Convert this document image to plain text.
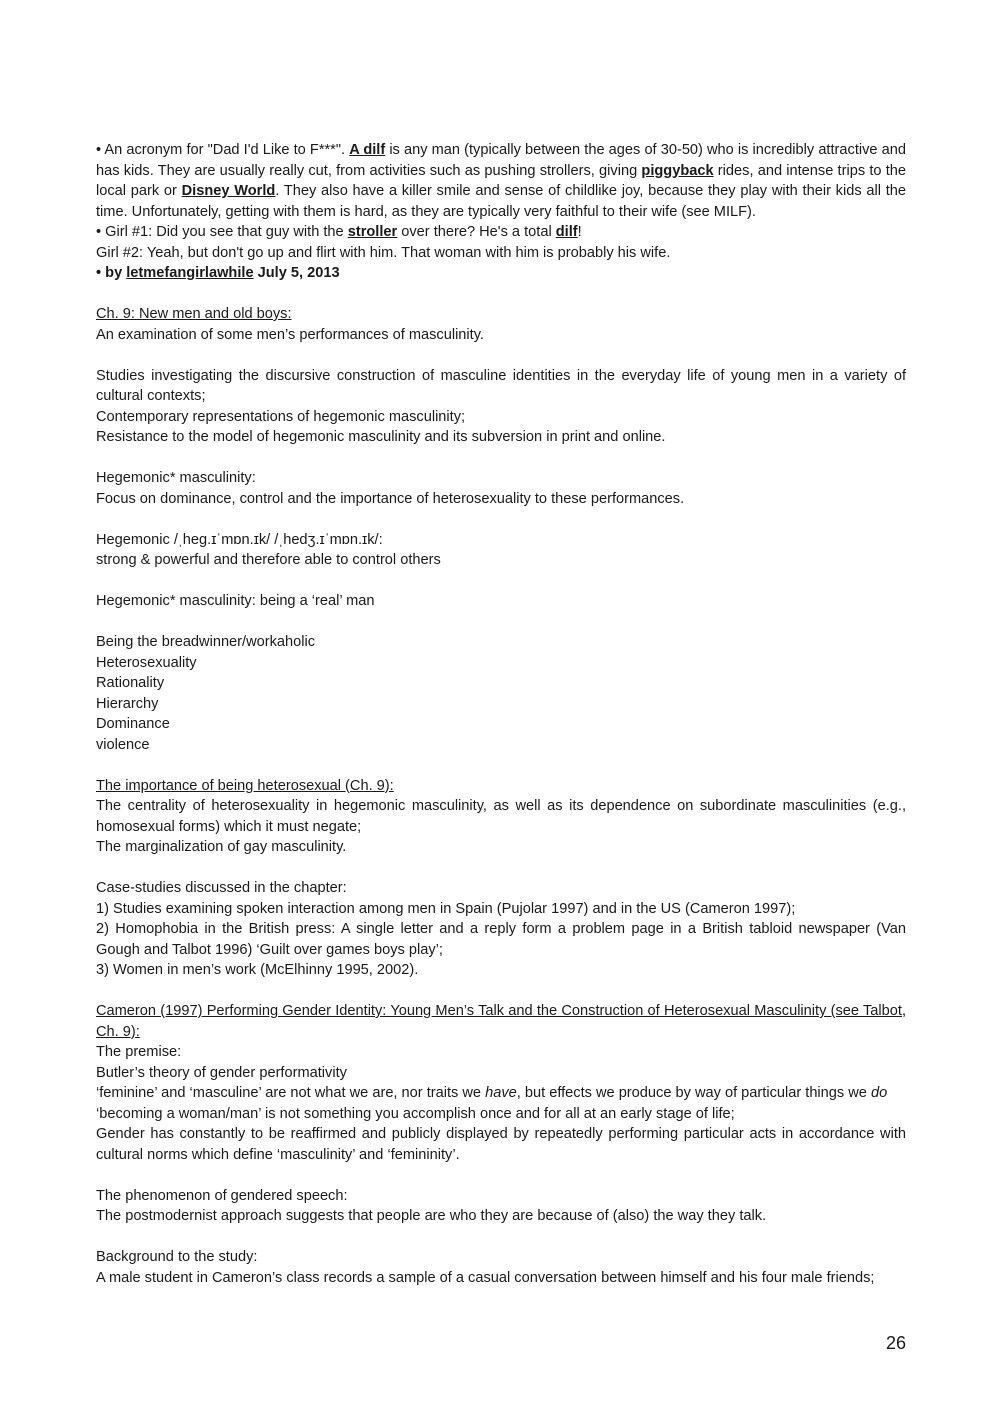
• An acronym for "Dad I'd Like to F***". A dilf is any man (typically between the ages of 30-50) who is incredibly attractive and has kids. They are usually really cut, from activities such as pushing strollers, giving piggyback rides, and intense trips to the local park or Disney World. They also have a killer smile and sense of childlike joy, because they play with their kids all the time. Unfortunately, getting with them is hard, as they are typically very faithful to their wife (see MILF).

• Girl #1: Did you see that guy with the stroller over there? He's a total dilf!

Girl #2: Yeah, but don't go up and flirt with him. That woman with him is probably his wife.

• by letmefangirlawhile July 5, 2013

Ch. 9: New men and old boys:

An examination of some men’s performances of masculinity.

Studies investigating the discursive construction of masculine identities in the everyday life of young men in a variety of cultural contexts;

Contemporary representations of hegemonic masculinity;

Resistance to the model of hegemonic masculinity and its subversion in print and online.

Hegemonic* masculinity:

Focus on dominance, control and the importance of heterosexuality to these performances.

Hegemonic /ˌheg.ɪˈmɒn.ɪk/ /ˌhedʒ.ɪˈmɒn.ɪk/:

strong & powerful and therefore able to control others

Hegemonic* masculinity: being a ‘real’ man

Being the breadwinner/workaholic

Heterosexuality

Rationality

Hierarchy

Dominance

violence

The importance of being heterosexual (Ch. 9):

The centrality of heterosexuality in hegemonic masculinity, as well as its dependence on subordinate masculinities (e.g., homosexual forms) which it must negate;

The marginalization of gay masculinity.

Case-studies discussed in the chapter:

1) Studies examining spoken interaction among men in Spain (Pujolar 1997) and in the US (Cameron 1997);

2) Homophobia in the British press: A single letter and a reply form a problem page in a British tabloid newspaper (Van Gough and Talbot 1996) ‘Guilt over games boys play’;

3) Women in men’s work (McElhinny 1995, 2002).

Cameron (1997) Performing Gender Identity: Young Men’s Talk and the Construction of Heterosexual Masculinity (see Talbot, Ch. 9):

The premise:

Butler’s theory of gender performativity

‘feminine’ and ‘masculine’ are not what we are, nor traits we have, but effects we produce by way of particular things we do

‘becoming a woman/man’ is not something you accomplish once and for all at an early stage of life;

Gender has constantly to be reaffirmed and publicly displayed by repeatedly performing particular acts in accordance with cultural norms which define ‘masculinity’ and ‘femininity’.

The phenomenon of gendered speech:

The postmodernist approach suggests that people are who they are because of (also) the way they talk.

Background to the study:

A male student in Cameron’s class records a sample of a casual conversation between himself and his four male friends;

26
